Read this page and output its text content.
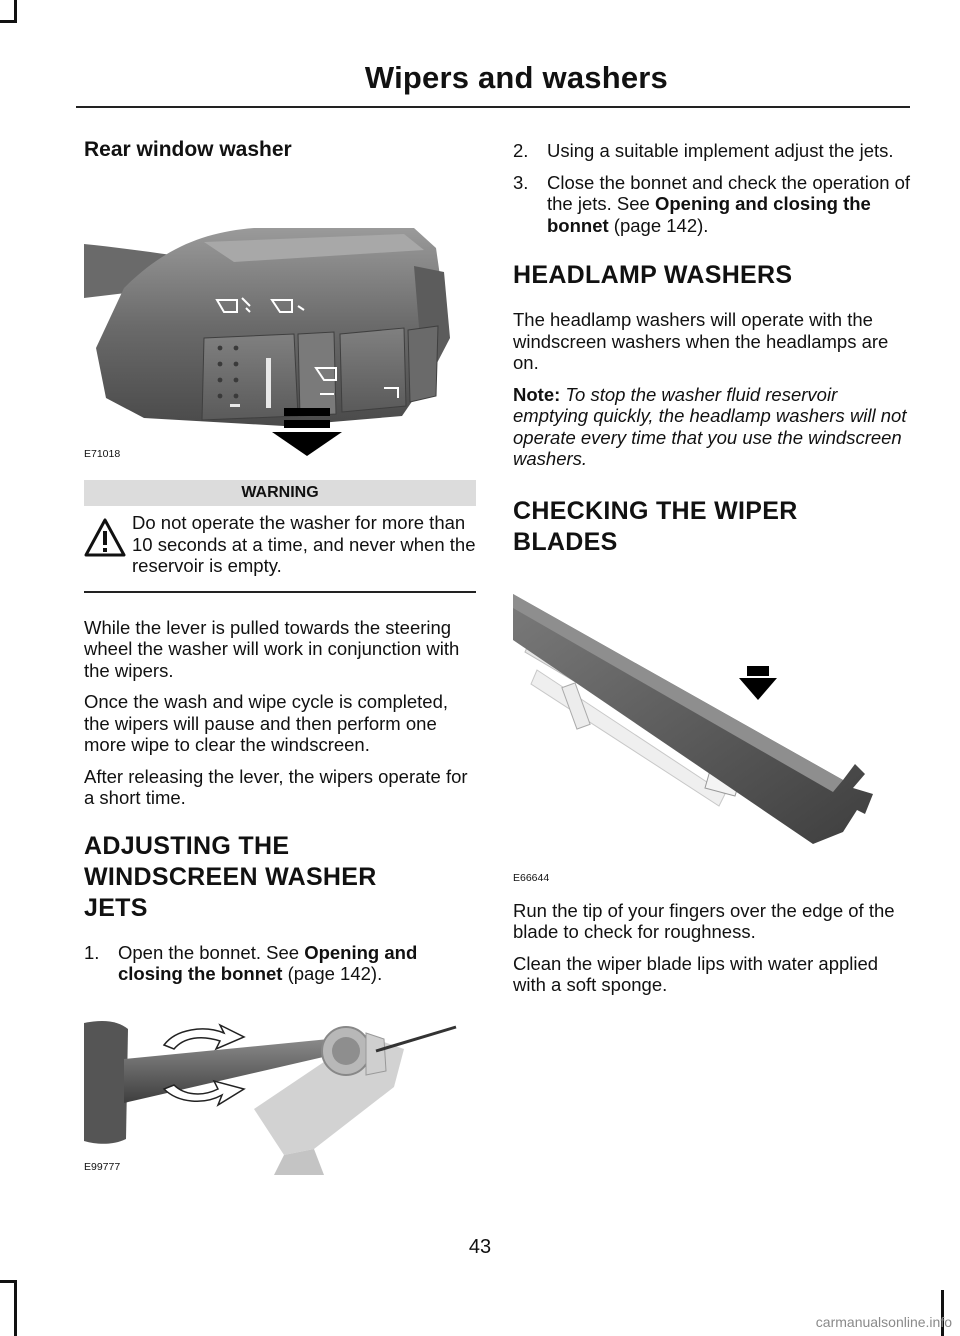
Wipers and washers
Rear window washer
E71018
WARNING
Do not operate the washer for more than 10 seconds at a time, and never when the reservoir is empty.
While the lever is pulled towards the steering wheel the washer will work in conjunction with the wipers.
Once the wash and wipe cycle is completed, the wipers will pause and then perform one more wipe to clear the windscreen.
After releasing the lever, the wipers operate for a short time.
ADJUSTING THE
WINDSCREEN WASHER
JETS
1.	Open the bonnet. See Opening and closing the bonnet (page 142).
E99777
2.	Using a suitable implement adjust the jets.
3.	Close the bonnet and check the operation of the jets. See Opening and closing the bonnet (page 142).
HEADLAMP WASHERS
The headlamp washers will operate with the windscreen washers when the headlamps are on.
Note: To stop the washer fluid reservoir emptying quickly, the headlamp washers will not operate every time that you use the windscreen washers.
CHECKING THE WIPER
BLADES
E66644
Run the tip of your fingers over the edge of the blade to check for roughness.
Clean the wiper blade lips with water applied with a soft sponge.
43
carmanualsonline.info
